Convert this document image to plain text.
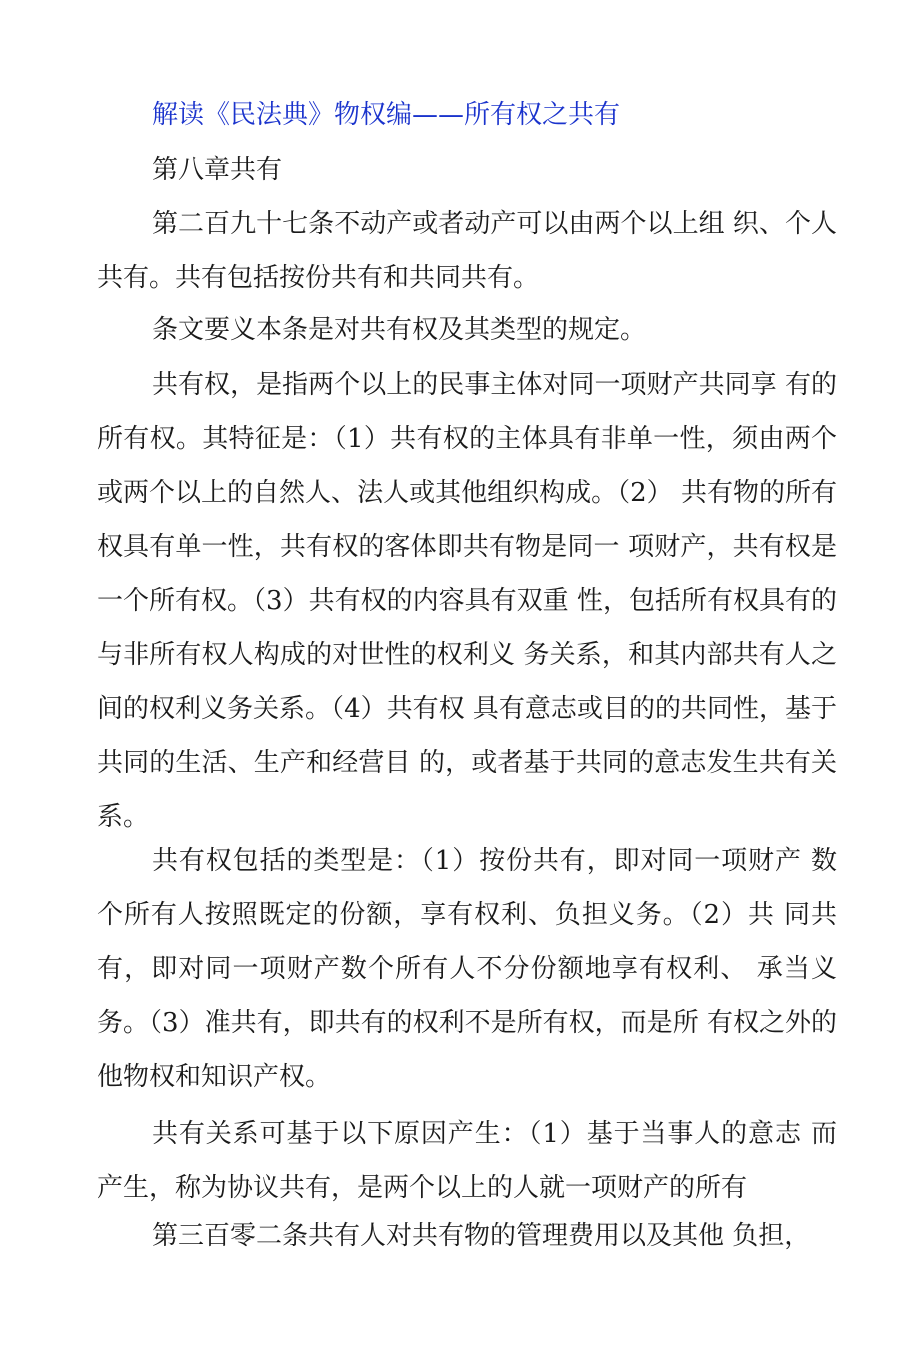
解读《民法典》物权编——所有权之共有
第八章共有
第二百九十七条不动产或者动产可以由两个以上组 织、个人共有。共有包括按份共有和共同共有。
条文要义本条是对共有权及其类型的规定。
共有权，是指两个以上的民事主体对同一项财产共同享 有的所有权。其特征是：（1）共有权的主体具有非单一性，须由两个或两个以上的自然人、法人或其他组织构成。（2） 共有物的所有权具有单一性，共有权的客体即共有物是同一 项财产，共有权是一个所有权。（3）共有权的内容具有双重 性，包括所有权具有的与非所有权人构成的对世性的权利义 务关系，和其内部共有人之间的权利义务关系。（4）共有权 具有意志或目的的共同性，基于共同的生活、生产和经营目 的，或者基于共同的意志发生共有关系。
共有权包括的类型是：（1）按份共有，即对同一项财产 数个所有人按照既定的份额，享有权利、负担义务。（2）共 同共有，即对同一项财产数个所有人不分份额地享有权利、 承当义务。（3）准共有，即共有的权利不是所有权，而是所 有权之外的他物权和知识产权。
共有关系可基于以下原因产生：（1）基于当事人的意志 而产生，称为协议共有，是两个以上的人就一项财产的所有
第三百零二条共有人对共有物的管理费用以及其他 负担，
